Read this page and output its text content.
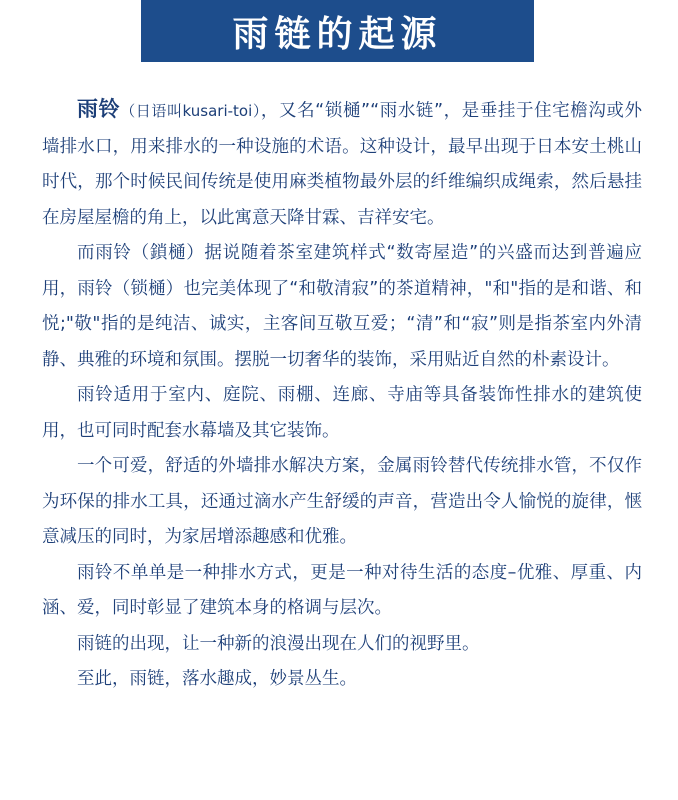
雨链的起源

雨铃（日语叫kusari-toi），又名“锁樋”“雨水链”，是垂挂于住宅檐沟或外墙排水口，用来排水的一种设施的术语。这种设计，最早出现于日本安土桃山时代，那个时候民间传统是使用麻类植物最外层的纤维编织成绳索，然后悬挂在房屋屋檐的角上，以此寓意天降甘霖、吉祥安宅。

而雨铃（鎖樋）据说随着茶室建筑样式“数寄屋造”的兴盛而达到普遍应用，雨铃（锁樋）也完美体现了“和敬清寂”的茶道精神，"和"指的是和谐、和悦;"敬"指的是纯洁、诚实，主客间互敬互爱；“清”和“寂”则是指茶室内外清静、典雅的环境和氛围。摆脱一切奢华的装饰，采用贴近自然的朴素设计。

雨铃适用于室内、庭院、雨棚、连廊、寺庙等具备装饰性排水的建筑使用，也可同时配套水幕墙及其它装饰。

一个可爱，舒适的外墙排水解决方案，金属雨铃替代传统排水管，不仅作为环保的排水工具，还通过滴水产生舒缓的声音，营造出令人愉悦的旋律，惬意减压的同时，为家居增添趣感和优雅。

雨铃不单单是一种排水方式，更是一种对待生活的态度–优雅、厚重、内涵、爱，同时彰显了建筑本身的格调与层次。

雨链的出现，让一种新的浪漫出现在人们的视野里。

至此，雨链，落水趣成，妙景丛生。
